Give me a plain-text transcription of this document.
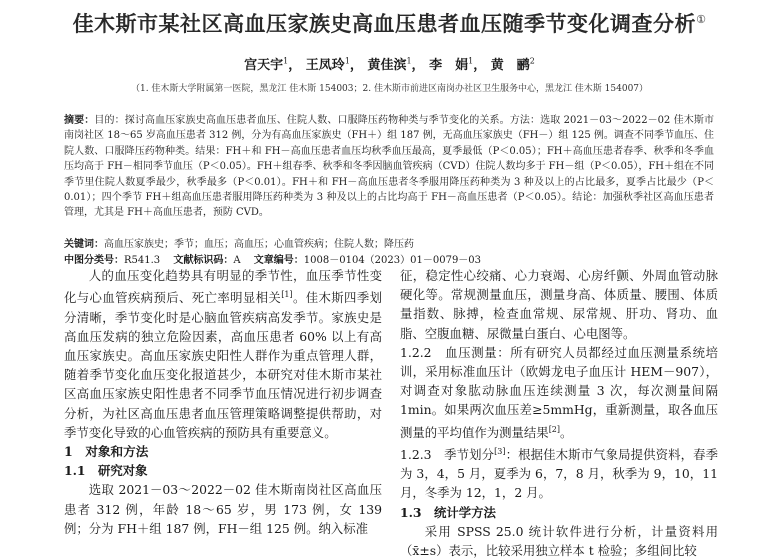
佳木斯市某社区高血压家族史高血压患者血压随季节变化调查分析①
宫天宇$^1$， 王凤玲$^1$， 黄佳滨$^1$， 李　娟$^1$， 黄　鹂$^2$
（1. 佳木斯大学附属第一医院，黑龙江 佳木斯 154003；2. 佳木斯市前进区南岗办社区卫生服务中心，黑龙江 佳木斯 154007）
摘要：目的：探讨高血压家族史高血压患者血压、住院人数、口服降压药物种类与季节变化的关系。方法：选取 2021－03～2022－02 佳木斯市南岗社区 18～65 岁高血压患者 312 例，分为有高血压家族史（FH＋）组 187 例，无高血压家族史（FH－）组 125 例。调查不同季节血压、住院人数、口服降压药物种类。结果：FH＋和 FH－高血压患者血压均秋季血压最高，夏季最低（P＜0.05）；FH＋高血压患者春季、秋季和冬季血压均高于 FH－相同季节血压（P＜0.05）。FH＋组春季、秋季和冬季因脑血管疾病（CVD）住院人数均多于 FH－组（P＜0.05），FH＋组在不同季节里住院人数夏季最少，秋季最多（P＜0.01）。FH＋和 FH－高血压患者冬季服用降压药种类为 3 种及以上的占比最多，夏季占比最少（P＜0.01）；四个季节 FH＋组高血压患者服用降压药种类为 3 种及以上的占比均高于 FH－高血压患者（P＜0.05）。结论：加强秋季社区高血压患者管理，尤其是 FH＋高血压患者，预防 CVD。
关键词：高血压家族史；季节；血压；高血压；心血管疾病；住院人数；降压药
中图分类号：R541.3　 文献标识码：A　 文章编号：1008－0104（2023）01－0079－03

人的血压变化趋势具有明显的季节性，血压季节性变化与心血管疾病预后、死亡率明显相关[1]。佳木斯四季划分清晰，季节变化时是心脑血管疾病高发季节。家族史是高血压发病的独立危险因素，高血压患者 60% 以上有高血压家族史。高血压家族史阳性人群作为重点管理人群，随着季节变化血压变化报道甚少，本研究对佳木斯市某社区高血压家族史阳性患者不同季节血压情况进行初步调查分析，为社区高血压患者血压管理策略调整提供帮助，对季节变化导致的心血管疾病的预防具有重要意义。

1　对象和方法

1.1　研究对象

选取 2021－03～2022－02 佳木斯南岗社区高血压患者 312 例，年龄 18～65 岁，男 173 例，女 139 例；分为 FH＋组 187 例，FH－组 125 例。纳入标准

征，稳定性心绞痛、心力衰竭、心房纤颤、外周血管动脉硬化等。常规测量血压，测量身高、体质量、腰围、体质量指数、脉搏，检查血常规、尿常规、肝功、肾功、血脂、空腹血糖、尿微量白蛋白、心电图等。

1.2.2　血压测量：所有研究人员都经过血压测量系统培训，采用标准血压计（欧姆龙电子血压计 HEM－907），对调查对象肱动脉血压连续测量 3 次，每次测量间隔 1min。如果两次血压差≥5mmHg，重新测量，取各血压测量的平均值作为测量结果[2]。

1.2.3　季节划分[3]：根据佳木斯市气象局提供资料，春季为 3，4，5 月，夏季为 6，7，8 月，秋季为 9，10，11 月，冬季为 12，1，2 月。

1.3　统计学方法

采用 SPSS 25.0 统计软件进行分析，计量资料用（x̄±s）表示，比较采用独立样本 t 检验；多组间比较
